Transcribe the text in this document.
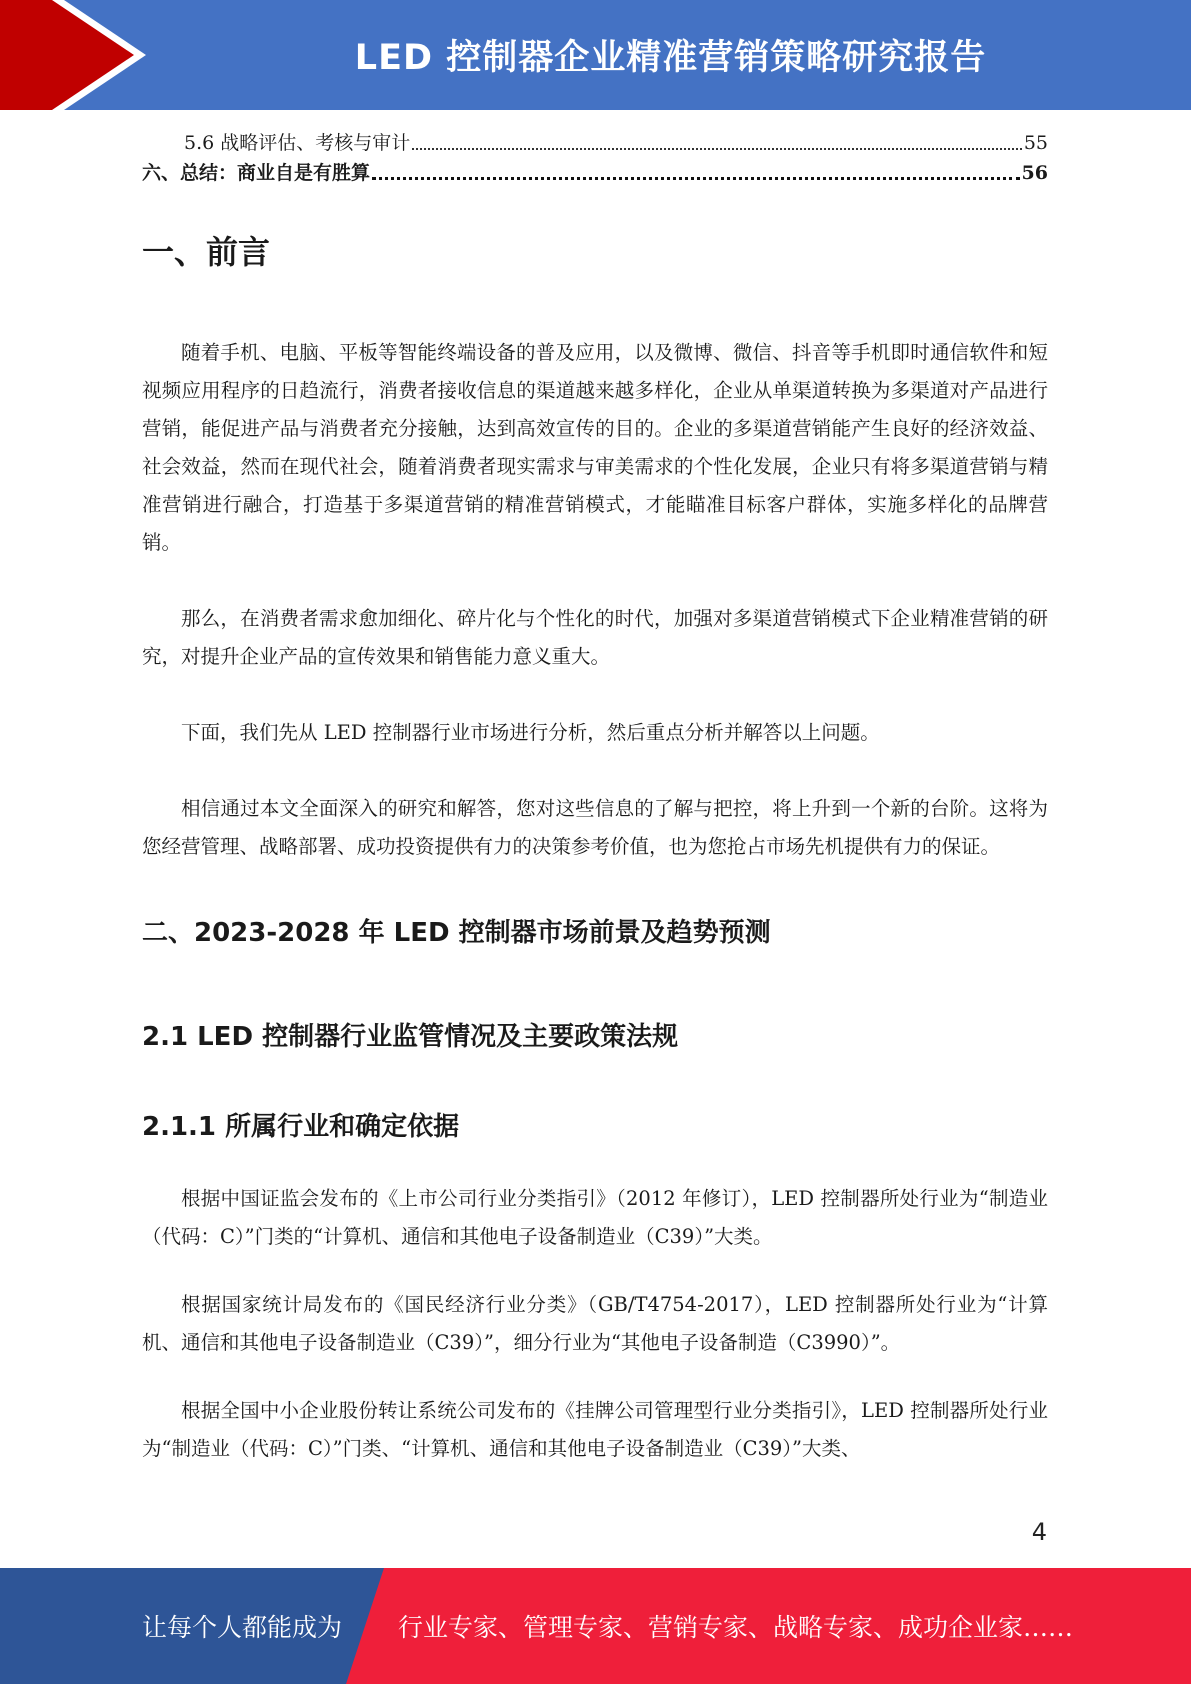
LED 控制器企业精准营销策略研究报告
5.6 战略评估、考核与审计	55
六、总结：商业自是有胜算	56
一、前言

随着手机、电脑、平板等智能终端设备的普及应用，以及微博、微信、抖音等手机即时通信软件和短视频应用程序的日趋流行，消费者接收信息的渠道越来越多样化，企业从单渠道转换为多渠道对产品进行营销，能促进产品与消费者充分接触，达到高效宣传的目的。企业的多渠道营销能产生良好的经济效益、社会效益，然而在现代社会，随着消费者现实需求与审美需求的个性化发展，企业只有将多渠道营销与精准营销进行融合，打造基于多渠道营销的精准营销模式，才能瞄准目标客户群体，实施多样化的品牌营销。

那么，在消费者需求愈加细化、碎片化与个性化的时代，加强对多渠道营销模式下企业精准营销的研究，对提升企业产品的宣传效果和销售能力意义重大。

下面，我们先从 LED 控制器行业市场进行分析，然后重点分析并解答以上问题。

相信通过本文全面深入的研究和解答，您对这些信息的了解与把控，将上升到一个新的台阶。这将为您经营管理、战略部署、成功投资提供有力的决策参考价值，也为您抢占市场先机提供有力的保证。

二、2023-2028 年 LED 控制器市场前景及趋势预测
2.1 LED 控制器行业监管情况及主要政策法规
2.1.1 所属行业和确定依据

根据中国证监会发布的《上市公司行业分类指引》（2012 年修订），LED 控制器所处行业为“制造业（代码：C）”门类的“计算机、通信和其他电子设备制造业（C39）”大类。

根据国家统计局发布的《国民经济行业分类》（GB/T4754-2017），LED 控制器所处行业为“计算机、通信和其他电子设备制造业（C39）”，细分行业为“其他电子设备制造（C3990）”。

根据全国中小企业股份转让系统公司发布的《挂牌公司管理型行业分类指引》，LED 控制器所处行业为“制造业（代码：C）”门类、“计算机、通信和其他电子设备制造业（C39）”大类、

4
让每个人都能成为 行业专家、管理专家、营销专家、战略专家、成功企业家……
